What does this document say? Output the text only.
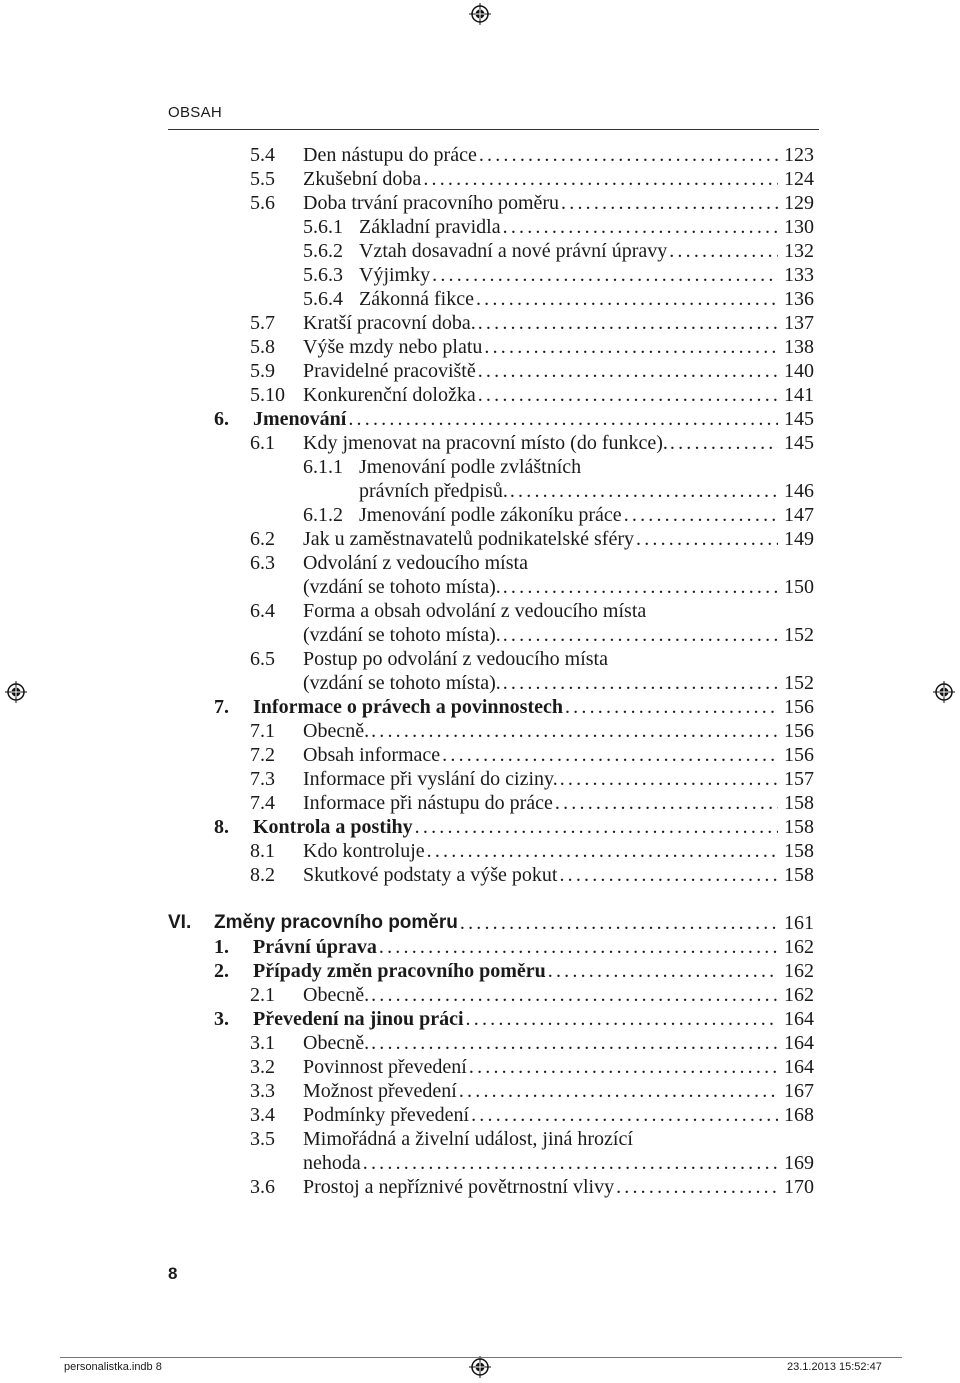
OBSAH
5.4 Den nástupu do práce .....	123
5.5 Zkušební doba .....	124
5.6 Doba trvání pracovního poměru .....	129
5.6.1 Základní pravidla .....	130
5.6.2 Vztah dosavadní a nové právní úpravy .....	132
5.6.3 Výjimky .....	133
5.6.4 Zákonná fikce .....	136
5.7 Kratší pracovní doba. .....	137
5.8 Výše mzdy nebo platu .....	138
5.9 Pravidelné pracoviště .....	140
5.10 Konkurenční doložka .....	141
6. Jmenování .....	145
6.1 Kdy jmenovat na pracovní místo (do funkce). .....	145
6.1.1 Jmenování podle zvláštních
právních předpisů. .....	146
6.1.2 Jmenování podle zákoníku práce .....	147
6.2 Jak u zaměstnavatelů podnikatelské sféry .....	149
6.3 Odvolání z vedoucího místa
(vzdání se tohoto místa). .....	150
6.4 Forma a obsah odvolání z vedoucího místa
(vzdání se tohoto místa). .....	152
6.5 Postup po odvolání z vedoucího místa
(vzdání se tohoto místa). .....	152
7. Informace o právech a povinnostech .....	156
7.1 Obecně. .....	156
7.2 Obsah informace .....	156
7.3 Informace při vyslání do ciziny. .....	157
7.4 Informace při nástupu do práce .....	158
8. Kontrola a postihy .....	158
8.1 Kdo kontroluje .....	158
8.2 Skutkové podstaty a výše pokut .....	158
VI. Změny pracovního poměru .....	161
1. Právní úprava .....	162
2. Případy změn pracovního poměru .....	162
2.1 Obecně. .....	162
3. Převedení na jinou práci .....	164
3.1 Obecně. .....	164
3.2 Povinnost převedení .....	164
3.3 Možnost převedení .....	167
3.4 Podmínky převedení .....	168
3.5 Mimořádná a živelní událost, jiná hrozící
nehoda .....	169
3.6 Prostoj a nepříznivé povětrnostní vlivy .....	170
8
personalistka.indb 8	23.1.2013 15:52:47
